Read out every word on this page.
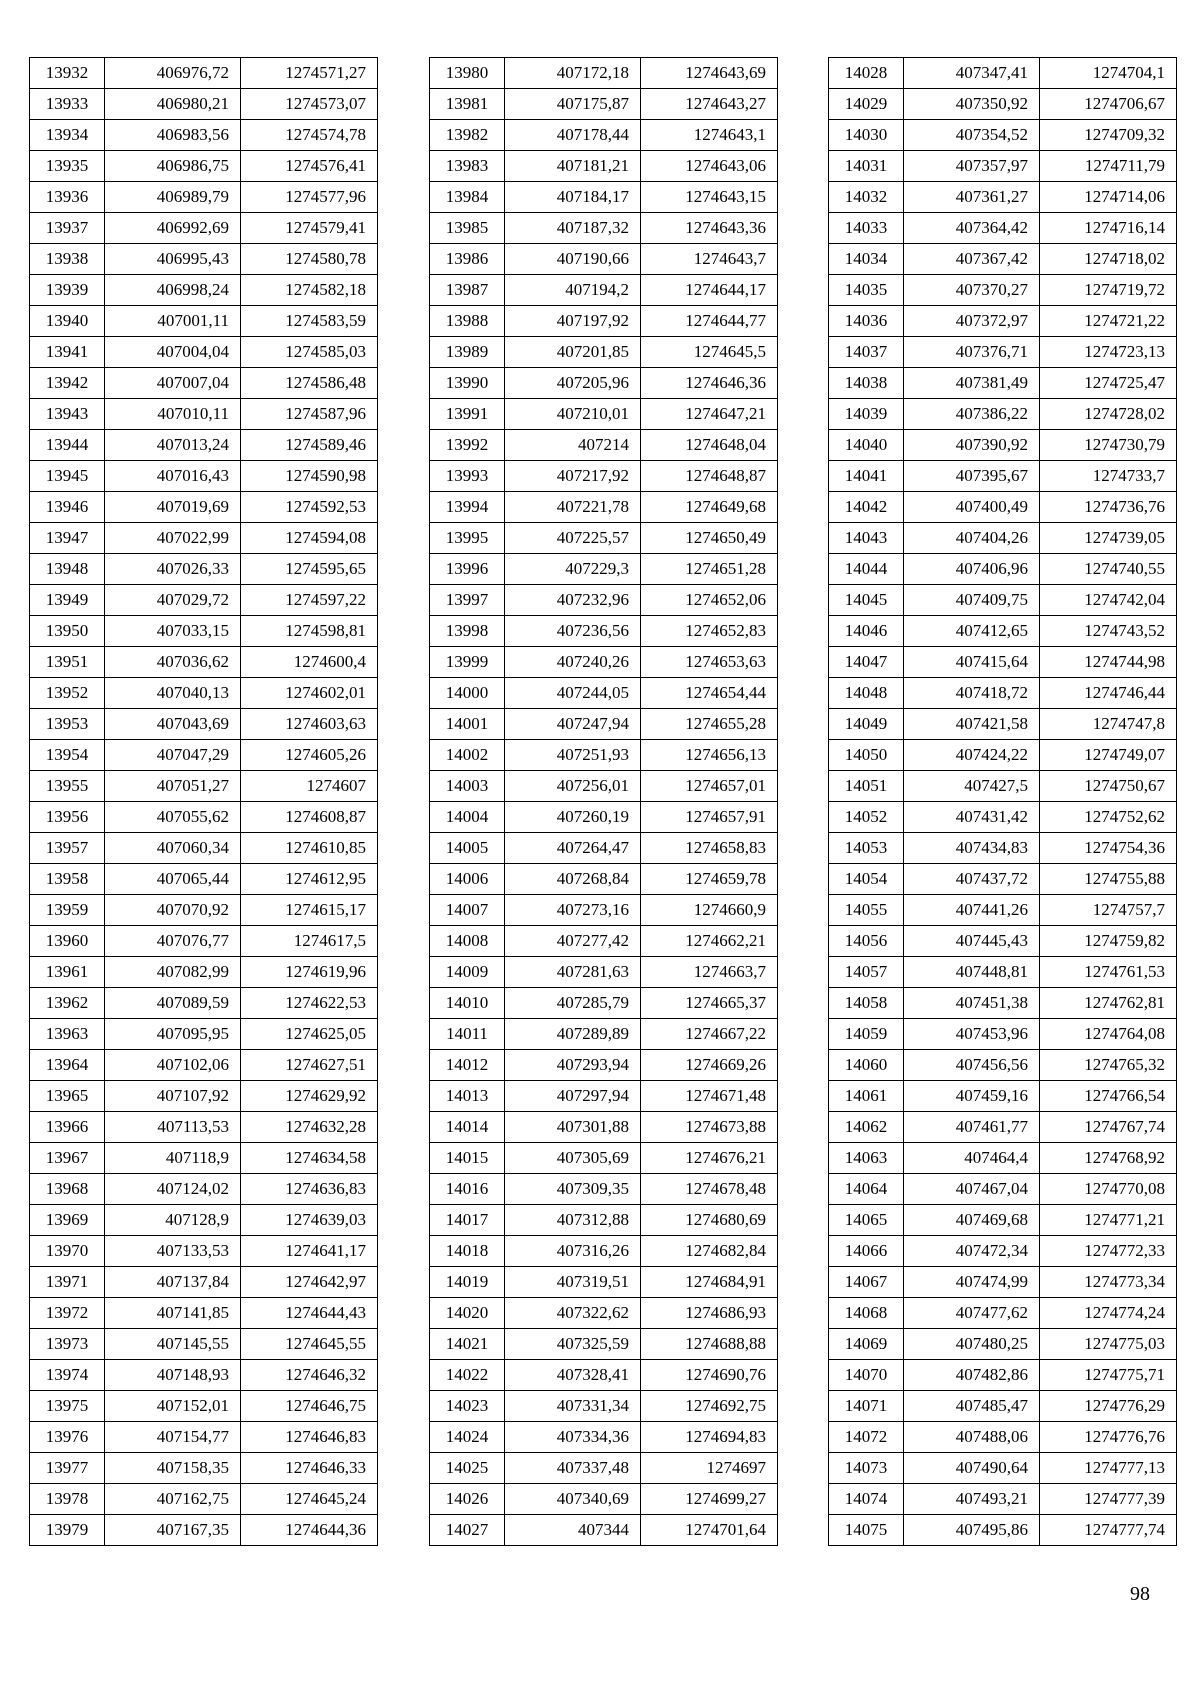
13932	406976,72	1274571,27
13933	406980,21	1274573,07
13934	406983,56	1274574,78
13935	406986,75	1274576,41
13936	406989,79	1274577,96
13937	406992,69	1274579,41
13938	406995,43	1274580,78
13939	406998,24	1274582,18
13940	407001,11	1274583,59
13941	407004,04	1274585,03
13942	407007,04	1274586,48
13943	407010,11	1274587,96
13944	407013,24	1274589,46
13945	407016,43	1274590,98
13946	407019,69	1274592,53
13947	407022,99	1274594,08
13948	407026,33	1274595,65
13949	407029,72	1274597,22
13950	407033,15	1274598,81
13951	407036,62	1274600,4
13952	407040,13	1274602,01
13953	407043,69	1274603,63
13954	407047,29	1274605,26
13955	407051,27	1274607
13956	407055,62	1274608,87
13957	407060,34	1274610,85
13958	407065,44	1274612,95
13959	407070,92	1274615,17
13960	407076,77	1274617,5
13961	407082,99	1274619,96
13962	407089,59	1274622,53
13963	407095,95	1274625,05
13964	407102,06	1274627,51
13965	407107,92	1274629,92
13966	407113,53	1274632,28
13967	407118,9	1274634,58
13968	407124,02	1274636,83
13969	407128,9	1274639,03
13970	407133,53	1274641,17
13971	407137,84	1274642,97
13972	407141,85	1274644,43
13973	407145,55	1274645,55
13974	407148,93	1274646,32
13975	407152,01	1274646,75
13976	407154,77	1274646,83
13977	407158,35	1274646,33
13978	407162,75	1274645,24
13979	407167,35	1274644,36
13980	407172,18	1274643,69
13981	407175,87	1274643,27
13982	407178,44	1274643,1
13983	407181,21	1274643,06
13984	407184,17	1274643,15
13985	407187,32	1274643,36
13986	407190,66	1274643,7
13987	407194,2	1274644,17
13988	407197,92	1274644,77
13989	407201,85	1274645,5
13990	407205,96	1274646,36
13991	407210,01	1274647,21
13992	407214	1274648,04
13993	407217,92	1274648,87
13994	407221,78	1274649,68
13995	407225,57	1274650,49
13996	407229,3	1274651,28
13997	407232,96	1274652,06
13998	407236,56	1274652,83
13999	407240,26	1274653,63
14000	407244,05	1274654,44
14001	407247,94	1274655,28
14002	407251,93	1274656,13
14003	407256,01	1274657,01
14004	407260,19	1274657,91
14005	407264,47	1274658,83
14006	407268,84	1274659,78
14007	407273,16	1274660,9
14008	407277,42	1274662,21
14009	407281,63	1274663,7
14010	407285,79	1274665,37
14011	407289,89	1274667,22
14012	407293,94	1274669,26
14013	407297,94	1274671,48
14014	407301,88	1274673,88
14015	407305,69	1274676,21
14016	407309,35	1274678,48
14017	407312,88	1274680,69
14018	407316,26	1274682,84
14019	407319,51	1274684,91
14020	407322,62	1274686,93
14021	407325,59	1274688,88
14022	407328,41	1274690,76
14023	407331,34	1274692,75
14024	407334,36	1274694,83
14025	407337,48	1274697
14026	407340,69	1274699,27
14027	407344	1274701,64
14028	407347,41	1274704,1
14029	407350,92	1274706,67
14030	407354,52	1274709,32
14031	407357,97	1274711,79
14032	407361,27	1274714,06
14033	407364,42	1274716,14
14034	407367,42	1274718,02
14035	407370,27	1274719,72
14036	407372,97	1274721,22
14037	407376,71	1274723,13
14038	407381,49	1274725,47
14039	407386,22	1274728,02
14040	407390,92	1274730,79
14041	407395,67	1274733,7
14042	407400,49	1274736,76
14043	407404,26	1274739,05
14044	407406,96	1274740,55
14045	407409,75	1274742,04
14046	407412,65	1274743,52
14047	407415,64	1274744,98
14048	407418,72	1274746,44
14049	407421,58	1274747,8
14050	407424,22	1274749,07
14051	407427,5	1274750,67
14052	407431,42	1274752,62
14053	407434,83	1274754,36
14054	407437,72	1274755,88
14055	407441,26	1274757,7
14056	407445,43	1274759,82
14057	407448,81	1274761,53
14058	407451,38	1274762,81
14059	407453,96	1274764,08
14060	407456,56	1274765,32
14061	407459,16	1274766,54
14062	407461,77	1274767,74
14063	407464,4	1274768,92
14064	407467,04	1274770,08
14065	407469,68	1274771,21
14066	407472,34	1274772,33
14067	407474,99	1274773,34
14068	407477,62	1274774,24
14069	407480,25	1274775,03
14070	407482,86	1274775,71
14071	407485,47	1274776,29
14072	407488,06	1274776,76
14073	407490,64	1274777,13
14074	407493,21	1274777,39
14075	407495,86	1274777,74
98
